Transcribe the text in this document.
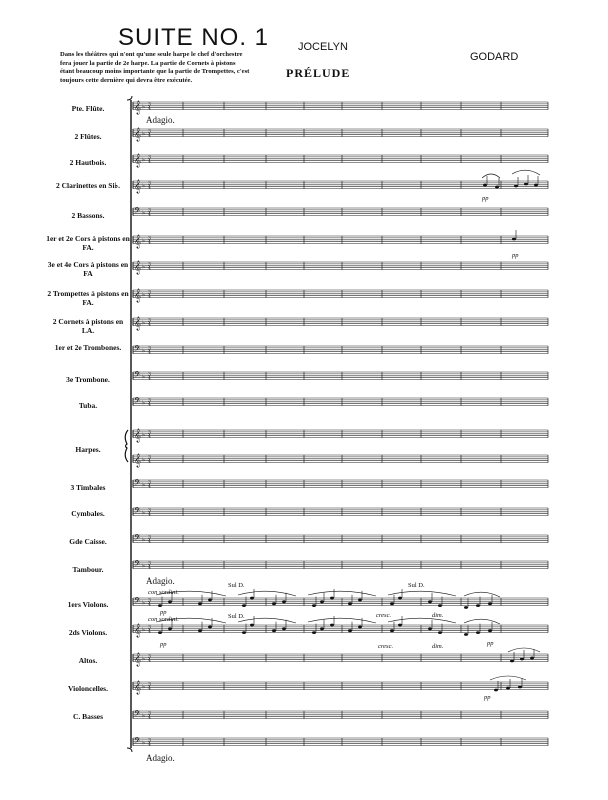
SUITE NO. 1	JOCELYN
GODARD
PRÉLUDE
Dans les théâtres qui n'ont qu'une seule harpe le chef d'orchestre
fera jouer la partie de 2e harpe. La partie de Cornets à pistons
étant beaucoup moins importante que la partie de Trompettes, c'est
toujours cette dernière qui devra être exécutée.
𝄞 ♭ 3
4
𝄞 ♭ 3
4
𝄞 ♭ 3
4
𝄞 ♭ 3
4
𝄢 ♭ 3
4
𝄞 ♭ 3
4
𝄞 ♭ 3
4
𝄞 ♭ 3
4
𝄞 ♭ 3
4
𝄢 ♭ 3
4
𝄢 ♭ 3
4
𝄢 ♭ 3
4
𝄞 ♭ 3
4
𝄞 ♭ 3
4
𝄢 ♭ 3
4
𝄢 ♭ 3
4
𝄢 ♭ 3
4
𝄢 ♭ 3
4
𝄢 ♭ 3
4
𝄞 ♭ 3
4
𝄞 ♭ 3
4
𝄞 ♭ 3
4
𝄢 ♭ 3
4
𝄢 ♭ 3
4
Pte. Flûte.
2 Flûtes.
2 Hautbois.
2 Clarinettes en Si♭.
2 Bassons.
1er et 2e Cors à pistons en FA.
3e et 4e Cors à pistons en FA
2 Trompettes à pistons en FA.
2 Cornets à pistons en LA.
1er et 2e Trombones.
3e Trombone.
Tuba.
Harpes.
3 Timbales
Cymbales.
Gde Caisse.
Tambour.
1ers Violons.
2ds Violons.
Altos.
Violoncelles.
C. Basses
Adagio.
Adagio.
Adagio.
con sordini.
con sordini.
Sul D.
Sul D.
Sul D.
pp
pp
cresc.
cresc.
dim.
dim.	pp
pp
pp
pp
